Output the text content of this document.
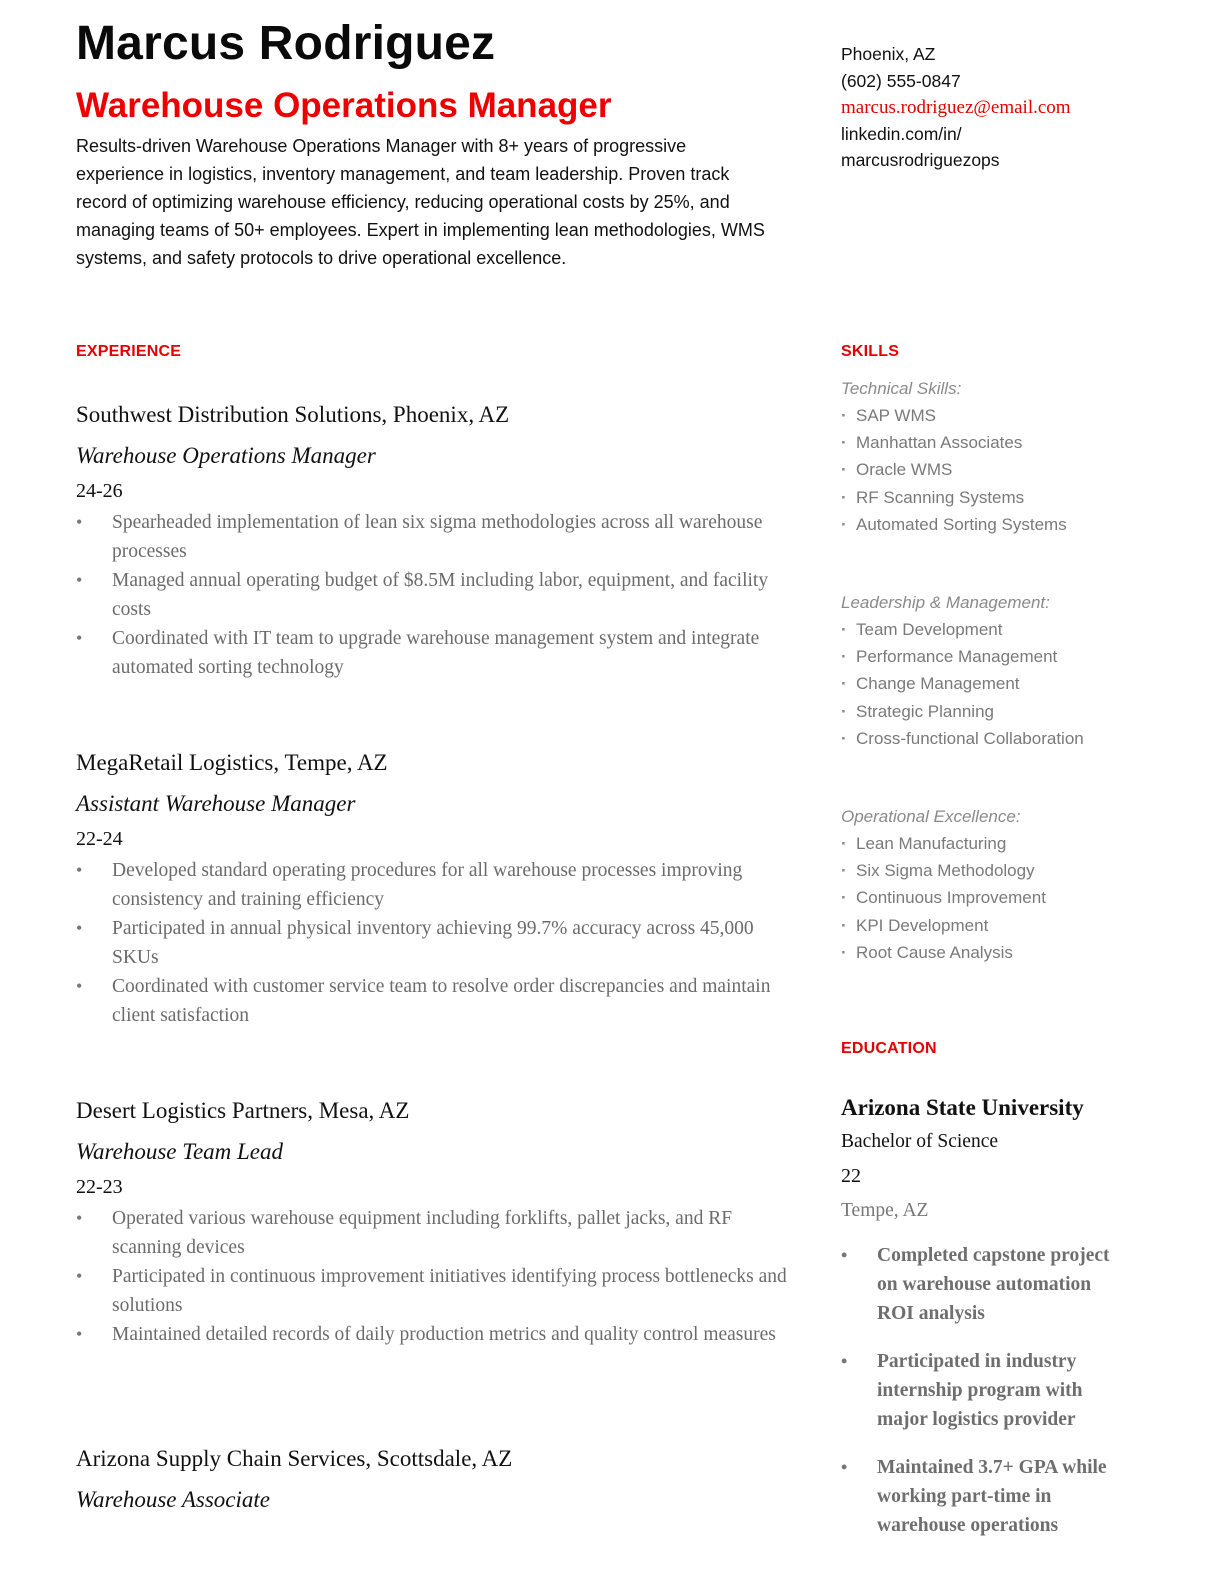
Marcus Rodriguez
Warehouse Operations Manager

Results-driven Warehouse Operations Manager with 8+ years of progressive experience in logistics, inventory management, and team leadership. Proven track record of optimizing warehouse efficiency, reducing operational costs by 25%, and managing teams of 50+ employees. Expert in implementing lean methodologies, WMS systems, and safety protocols to drive operational excellence.

Phoenix, AZ
(602) 555-0847
marcus.rodriguez@email.com
linkedin.com/in/
marcusrodriguezops
EXPERIENCE
Southwest Distribution Solutions, Phoenix, AZ
Warehouse Operations Manager
24-26
• Spearheaded implementation of lean six sigma methodologies across all warehouse processes
• Managed annual operating budget of $8.5M including labor, equipment, and facility costs
• Coordinated with IT team to upgrade warehouse management system and integrate automated sorting technology
MegaRetail Logistics, Tempe, AZ
Assistant Warehouse Manager
22-24
• Developed standard operating procedures for all warehouse processes improving consistency and training efficiency
• Participated in annual physical inventory achieving 99.7% accuracy across 45,000 SKUs
• Coordinated with customer service team to resolve order discrepancies and maintain client satisfaction
Desert Logistics Partners, Mesa, AZ
Warehouse Team Lead
22-23
• Operated various warehouse equipment including forklifts, pallet jacks, and RF scanning devices
• Participated in continuous improvement initiatives identifying process bottlenecks and solutions
• Maintained detailed records of daily production metrics and quality control measures
Arizona Supply Chain Services, Scottsdale, AZ
Warehouse Associate
SKILLS
Technical Skills:
· SAP WMS
· Manhattan Associates
· Oracle WMS
· RF Scanning Systems
· Automated Sorting Systems
Leadership & Management:
· Team Development
· Performance Management
· Change Management
· Strategic Planning
· Cross-functional Collaboration
Operational Excellence:
· Lean Manufacturing
· Six Sigma Methodology
· Continuous Improvement
· KPI Development
· Root Cause Analysis
EDUCATION
Arizona State University
Bachelor of Science
22
Tempe, AZ
• Completed capstone project on warehouse automation ROI analysis
• Participated in industry internship program with major logistics provider
• Maintained 3.7+ GPA while working part-time in warehouse operations
